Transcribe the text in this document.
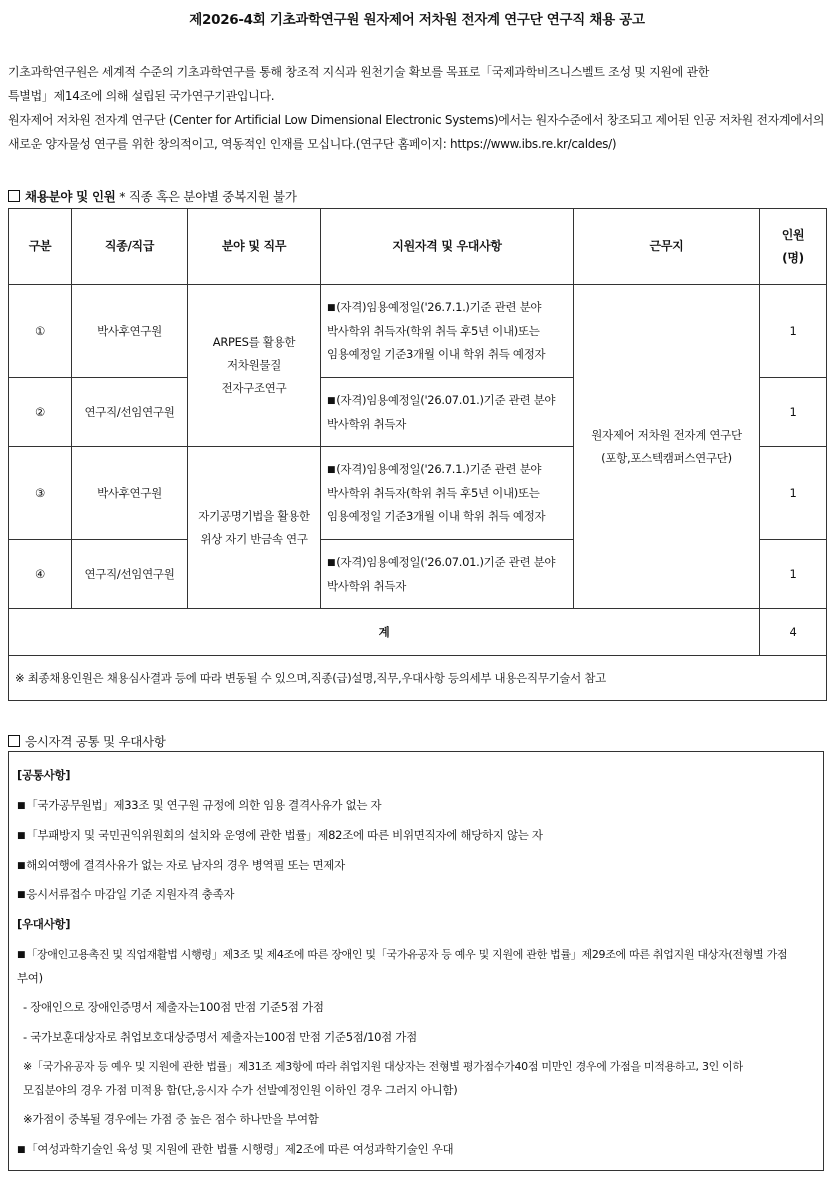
제2026-4회 기초과학연구원 원자제어 저차원 전자계 연구단 연구직 채용 공고

기초과학연구원은 세계적 수준의 기초과학연구를 통해 창조적 지식과 원천기술 확보를 목표로「국제과학비즈니스벨트 조성 및 지원에 관한

특별법」제14조에 의해 설립된 국가연구기관입니다.

원자제어 저차원 전자계 연구단 (Center for Artificial Low Dimensional Electronic Systems)에서는 원자수준에서 창조되고 제어된 인공 저차원 전자계에서의

새로운 양자물성 연구를 위한 창의적이고, 역동적인 인재를 모십니다.(연구단 홈페이지: https://www.ibs.re.kr/caldes/)

채용분야 및 인원 * 직종 혹은 분야별 중복지원 불가
구분	직종/직급	분야 및 직무	지원자격 및 우대사항	근무지	인원
(명)
①	박사후연구원	ARPES를 활용한
저차원물질
전자구조연구	■(자격)임용예정일('26.7.1.)기준 관련 분야
박사학위 취득자(학위 취득 후5년 이내)또는
임용예정일 기준3개월 이내 학위 취득 예정자	원자제어 저차원 전자계 연구단
(포항,포스텍캠퍼스연구단)	1
②	연구직/선임연구원		■(자격)임용예정일('26.07.01.)기준 관련 분야
박사학위 취득자		1
③	박사후연구원	자기공명기법을 활용한
위상 자기 반금속 연구	■(자격)임용예정일('26.7.1.)기준 관련 분야
박사학위 취득자(학위 취득 후5년 이내)또는
임용예정일 기준3개월 이내 학위 취득 예정자		1
④	연구직/선임연구원		■(자격)임용예정일('26.07.01.)기준 관련 분야
박사학위 취득자		1
계					4
※ 최종채용인원은 채용심사결과 등에 따라 변동될 수 있으며,직종(급)설명,직무,우대사항 등의세부 내용은직무기술서 참고					
응시자격 공통 및 우대사항
[공통사항]
■「국가공무원법」제33조 및 연구원 규정에 의한 임용 결격사유가 없는 자
■「부패방지 및 국민권익위원회의 설치와 운영에 관한 법률」제82조에 따른 비위면직자에 해당하지 않는 자
■해외여행에 결격사유가 없는 자로 남자의 경우 병역필 또는 면제자
■응시서류접수 마감일 기준 지원자격 충족자
[우대사항]
■「장애인고용촉진 및 직업재활법 시행령」제3조 및 제4조에 따른 장애인 및「국가유공자 등 예우 및 지원에 관한 법률」제29조에 따른 취업지원 대상자(전형별 가점
부여)
- 장애인으로 장애인증명서 제출자는100점 만점 기준5점 가점
- 국가보훈대상자로 취업보호대상증명서 제출자는100점 만점 기준5점/10점 가점
※「국가유공자 등 예우 및 지원에 관한 법률」제31조 제3항에 따라 취업지원 대상자는 전형별 평가점수가40점 미만인 경우에 가점을 미적용하고, 3인 이하
모집분야의 경우 가점 미적용 함(단,응시자 수가 선발예정인원 이하인 경우 그러지 아니함)
※가점이 중복될 경우에는 가점 중 높은 점수 하나만을 부여함
■「여성과학기술인 육성 및 지원에 관한 법률 시행령」제2조에 따른 여성과학기술인 우대
